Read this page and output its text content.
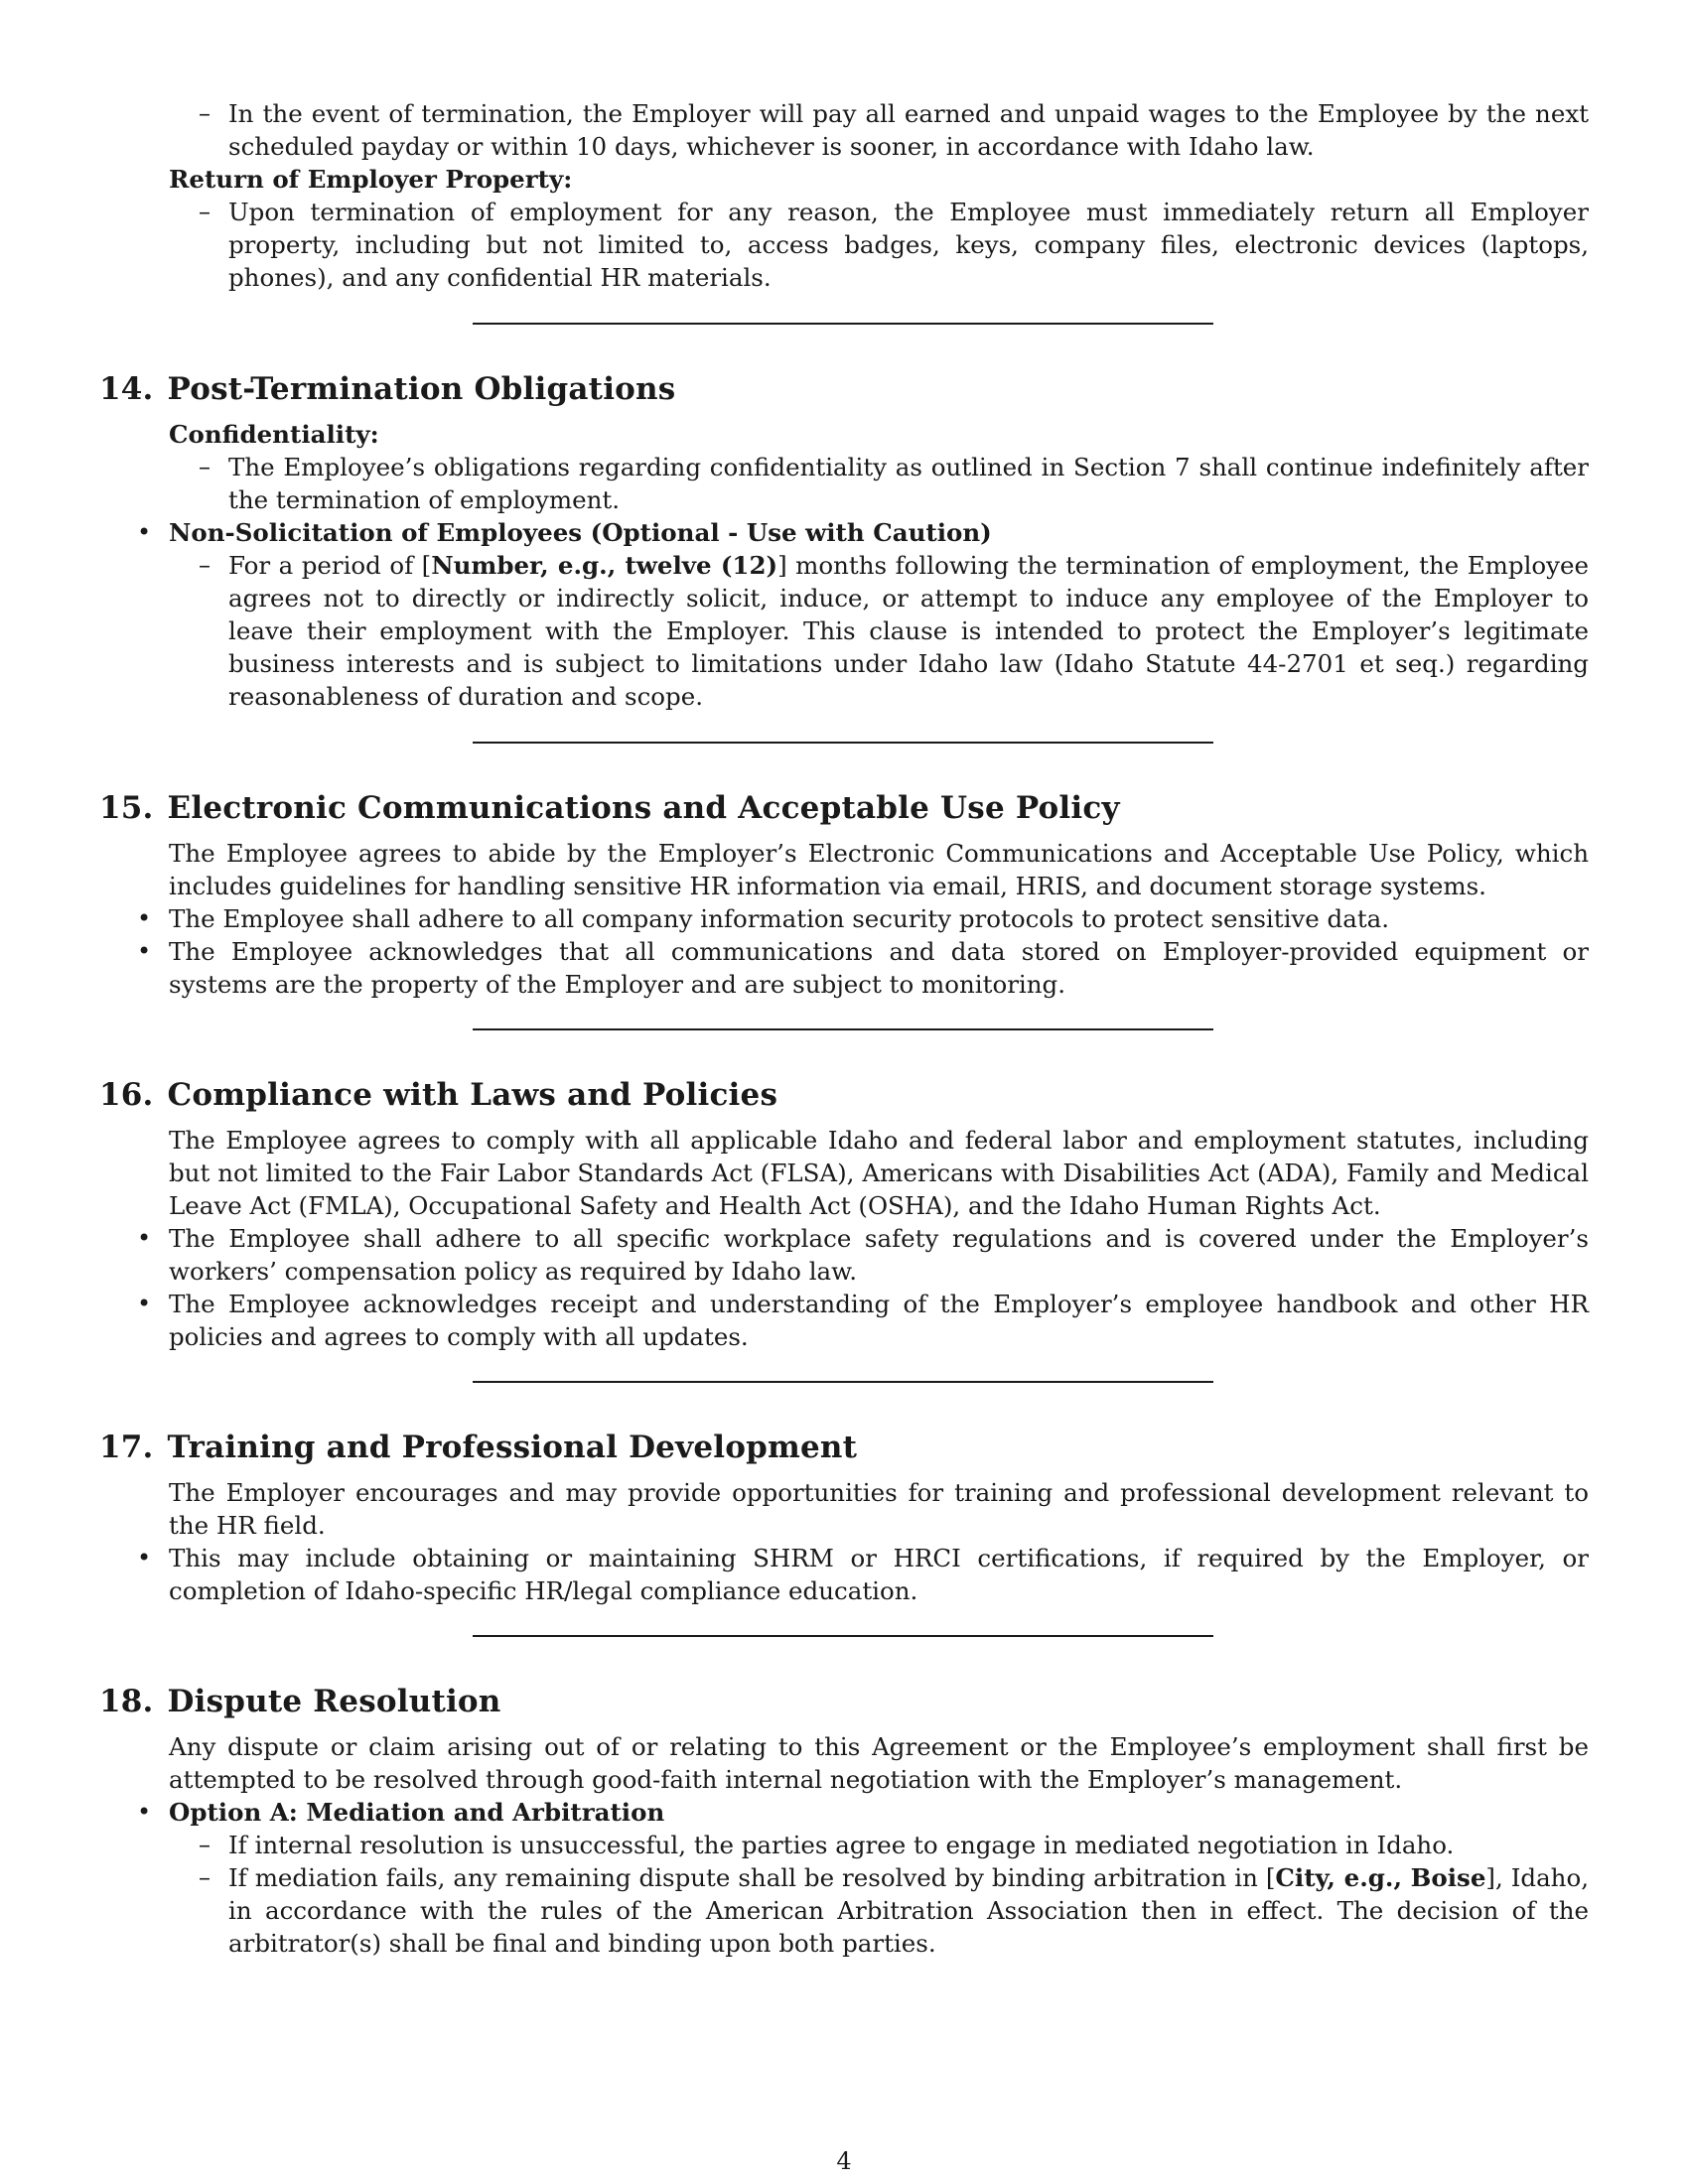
– In the event of termination, the Employer will pay all earned and unpaid wages to the Employee by the next scheduled payday or within 10 days, whichever is sooner, in accordance with Idaho law.
Return of Employer Property:
– Upon termination of employment for any reason, the Employee must immediately return all Employer property, including but not limited to, access badges, keys, company files, electronic devices (laptops, phones), and any confidential HR materials.
14. Post-Termination Obligations
Confidentiality:
– The Employee’s obligations regarding confidentiality as outlined in Section 7 shall continue indefinitely after the termination of employment.
• Non-Solicitation of Employees (Optional - Use with Caution)
– For a period of [Number, e.g., twelve (12)] months following the termination of employment, the Employee agrees not to directly or indirectly solicit, induce, or attempt to induce any employee of the Employer to leave their employment with the Employer. This clause is intended to protect the Employer’s legitimate business interests and is subject to limitations under Idaho law (Idaho Statute 44-2701 et seq.) regarding reasonableness of duration and scope.
15. Electronic Communications and Acceptable Use Policy
The Employee agrees to abide by the Employer’s Electronic Communications and Acceptable Use Policy, which includes guidelines for handling sensitive HR information via email, HRIS, and document storage systems.
• The Employee shall adhere to all company information security protocols to protect sensitive data.
• The Employee acknowledges that all communications and data stored on Employer-provided equipment or systems are the property of the Employer and are subject to monitoring.
16. Compliance with Laws and Policies
The Employee agrees to comply with all applicable Idaho and federal labor and employment statutes, including but not limited to the Fair Labor Standards Act (FLSA), Americans with Disabilities Act (ADA), Family and Medical Leave Act (FMLA), Occupational Safety and Health Act (OSHA), and the Idaho Human Rights Act.
• The Employee shall adhere to all specific workplace safety regulations and is covered under the Employer’s workers’ compensation policy as required by Idaho law.
• The Employee acknowledges receipt and understanding of the Employer’s employee handbook and other HR policies and agrees to comply with all updates.
17. Training and Professional Development
The Employer encourages and may provide opportunities for training and professional development relevant to the HR field.
• This may include obtaining or maintaining SHRM or HRCI certifications, if required by the Employer, or completion of Idaho-specific HR/legal compliance education.
18. Dispute Resolution
Any dispute or claim arising out of or relating to this Agreement or the Employee’s employment shall first be attempted to be resolved through good-faith internal negotiation with the Employer’s management.
• Option A: Mediation and Arbitration
– If internal resolution is unsuccessful, the parties agree to engage in mediated negotiation in Idaho.
– If mediation fails, any remaining dispute shall be resolved by binding arbitration in [City, e.g., Boise], Idaho, in accordance with the rules of the American Arbitration Association then in effect. The decision of the arbitrator(s) shall be final and binding upon both parties.
4
